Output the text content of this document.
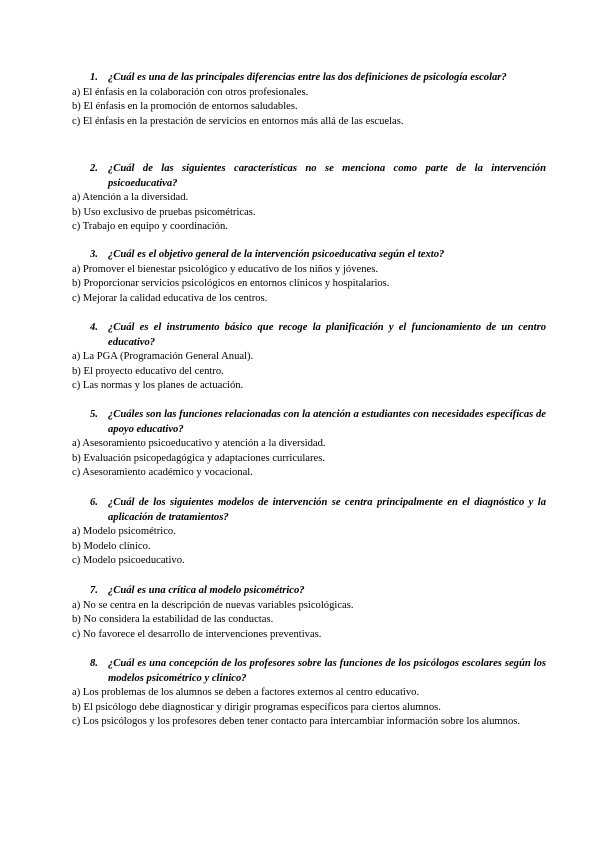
1. ¿Cuál es una de las principales diferencias entre las dos definiciones de psicología escolar?
a) El énfasis en la colaboración con otros profesionales.
b) El énfasis en la promoción de entornos saludables.
c) El énfasis en la prestación de servicios en entornos más allá de las escuelas.
2. ¿Cuál de las siguientes características no se menciona como parte de la intervención psicoeducativa?
a) Atención a la diversidad.
b) Uso exclusivo de pruebas psicométricas.
c) Trabajo en equipo y coordinación.
3. ¿Cuál es el objetivo general de la intervención psicoeducativa según el texto?
a) Promover el bienestar psicológico y educativo de los niños y jóvenes.
b) Proporcionar servicios psicológicos en entornos clínicos y hospitalarios.
c) Mejorar la calidad educativa de los centros.
4. ¿Cuál es el instrumento básico que recoge la planificación y el funcionamiento de un centro educativo?
a) La PGA (Programación General Anual).
b) El proyecto educativo del centro.
c) Las normas y los planes de actuación.
5. ¿Cuáles son las funciones relacionadas con la atención a estudiantes con necesidades específicas de apoyo educativo?
a) Asesoramiento psicoeducativo y atención a la diversidad.
b) Evaluación psicopedagógica y adaptaciones curriculares.
c) Asesoramiento académico y vocacional.
6. ¿Cuál de los siguientes modelos de intervención se centra principalmente en el diagnóstico y la aplicación de tratamientos?
a) Modelo psicométrico.
b) Modelo clínico.
c) Modelo psicoeducativo.
7. ¿Cuál es una crítica al modelo psicométrico?
a) No se centra en la descripción de nuevas variables psicológicas.
b) No considera la estabilidad de las conductas.
c) No favorece el desarrollo de intervenciones preventivas.
8. ¿Cuál es una concepción de los profesores sobre las funciones de los psicólogos escolares según los modelos psicométrico y clínico?
a) Los problemas de los alumnos se deben a factores externos al centro educativo.
b) El psicólogo debe diagnosticar y dirigir programas específicos para ciertos alumnos.
c) Los psicólogos y los profesores deben tener contacto para intercambiar información sobre los alumnos.
